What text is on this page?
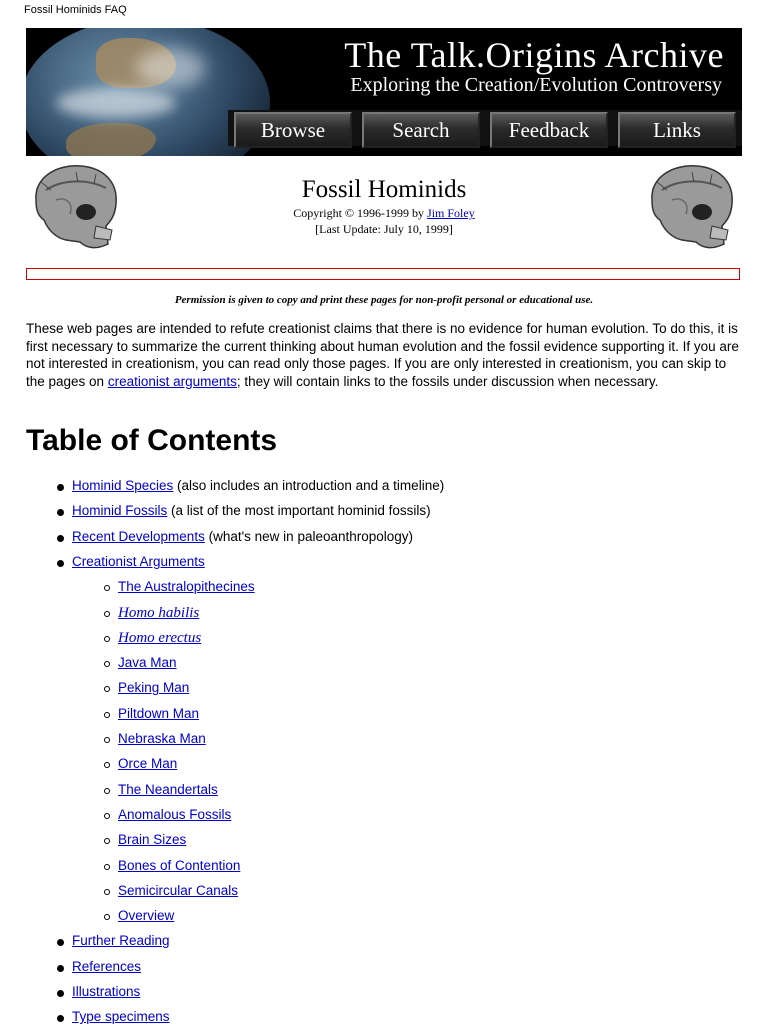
Fossil Hominids FAQ
The Talk.Origins Archive
Exploring the Creation/Evolution Controversy
Browse	Search	Feedback	Links
Fossil Hominids
Copyright © 1996-1999 by Jim Foley
[Last Update: July 10, 1999]
Permission is given to copy and print these pages for non-profit personal or educational use.
These web pages are intended to refute creationist claims that there is no evidence for human evolution. To do this, it is first necessary to summarize the current thinking about human evolution and the fossil evidence supporting it. If you are not interested in creationism, you can read only those pages. If you are only interested in creationism, you can skip to the pages on creationist arguments; they will contain links to the fossils under discussion when necessary.
Table of Contents
Hominid Species (also includes an introduction and a timeline)
Hominid Fossils (a list of the most important hominid fossils)
Recent Developments (what's new in paleoanthropology)
Creationist Arguments
The Australopithecines
Homo habilis
Homo erectus
Java Man
Peking Man
Piltdown Man
Nebraska Man
Orce Man
The Neandertals
Anomalous Fossils
Brain Sizes
Bones of Contention
Semicircular Canals
Overview
Further Reading
References
Illustrations
Type specimens
